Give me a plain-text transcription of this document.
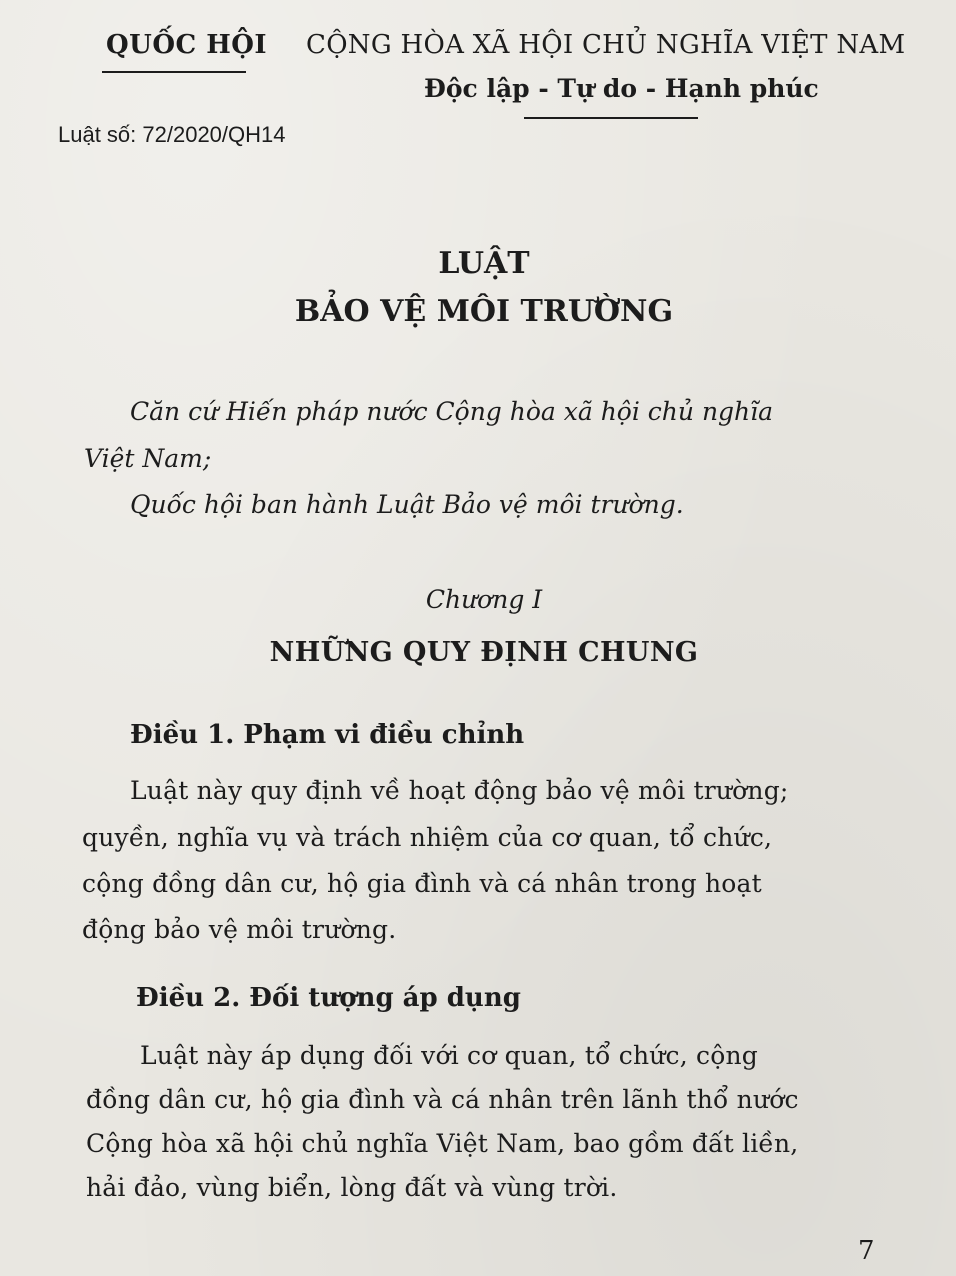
QUỐC HỘI CỘNG HÒA XÃ HỘI CHỦ NGHĨA VIỆT NAM
Độc lập - Tự do - Hạnh phúc
Luật số: 72/2020/QH14
LUẬT
BẢO VỆ MÔI TRƯỜNG
Căn cứ Hiến pháp nước Cộng hòa xã hội chủ nghĩa
Việt Nam;
Quốc hội ban hành Luật Bảo vệ môi trường.
Chương I
NHỮNG QUY ĐỊNH CHUNG
Điều 1. Phạm vi điều chỉnh
Luật này quy định về hoạt động bảo vệ môi trường;
quyền, nghĩa vụ và trách nhiệm của cơ quan, tổ chức,
cộng đồng dân cư, hộ gia đình và cá nhân trong hoạt
động bảo vệ môi trường.
Điều 2. Đối tượng áp dụng
Luật này áp dụng đối với cơ quan, tổ chức, cộng
đồng dân cư, hộ gia đình và cá nhân trên lãnh thổ nước
Cộng hòa xã hội chủ nghĩa Việt Nam, bao gồm đất liền,
hải đảo, vùng biển, lòng đất và vùng trời.
7
